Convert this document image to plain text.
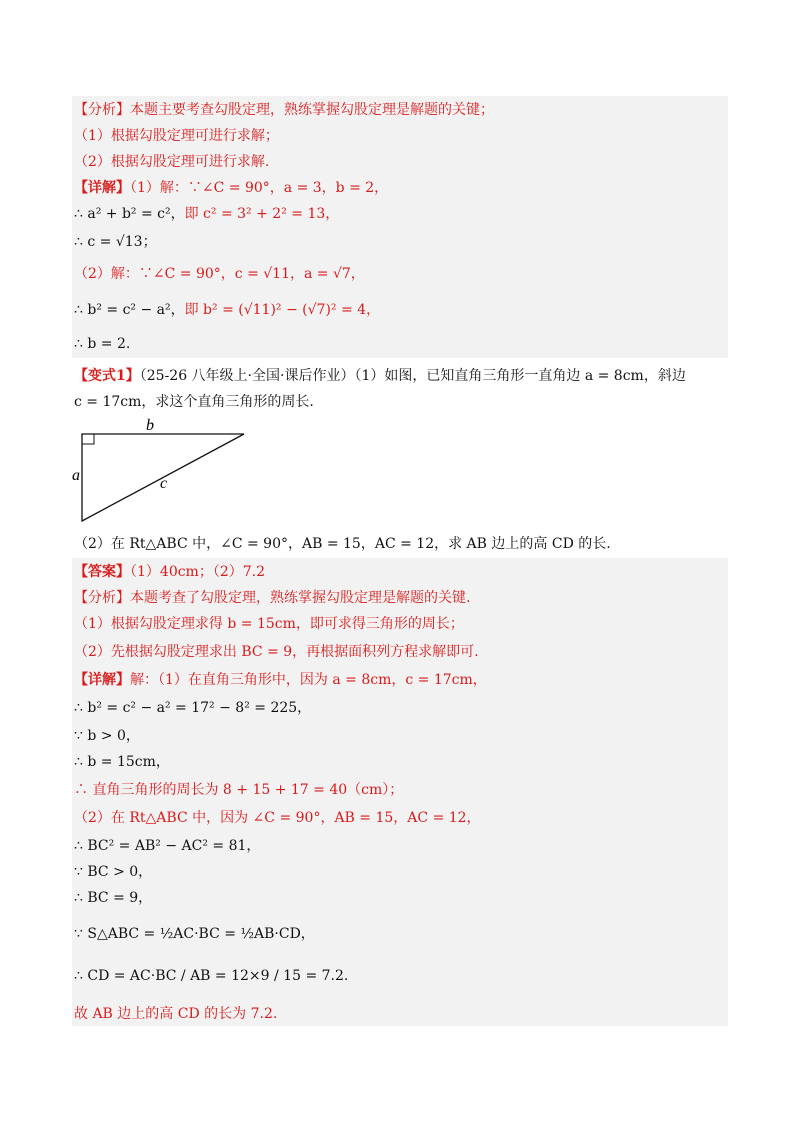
【分析】本题主要考查勾股定理，熟练掌握勾股定理是解题的关键；
（1）根据勾股定理可进行求解；
（2）根据勾股定理可进行求解.
【详解】（1）解：∵∠C = 90°，a = 3，b = 2，
∴ a² + b² = c²，即 c² = 3² + 2² = 13，
∴ c = √13；
（2）解：∵∠C = 90°，c = √11，a = √7，
∴ b² = c² − a²，即 b² = (√11)² − (√7)² = 4，
∴ b = 2.
【变式1】（25-26 八年级上·全国·课后作业）（1）如图，已知直角三角形一直角边 a = 8cm，斜边
c = 17cm，求这个直角三角形的周长.
b
a	c
（2）在 Rt△ABC 中，∠C = 90°，AB = 15，AC = 12，求 AB 边上的高 CD 的长.
【答案】（1）40cm；（2）7.2
【分析】本题考查了勾股定理，熟练掌握勾股定理是解题的关键.
（1）根据勾股定理求得 b = 15cm，即可求得三角形的周长；
（2）先根据勾股定理求出 BC = 9，再根据面积列方程求解即可.
【详解】解：（1）在直角三角形中，因为 a = 8cm，c = 17cm，
∴ b² = c² − a² = 17² − 8² = 225，
∵ b > 0，
∴ b = 15cm，
∴ 直角三角形的周长为 8 + 15 + 17 = 40（cm）；
（2）在 Rt△ABC 中，因为 ∠C = 90°，AB = 15，AC = 12，
∴ BC² = AB² − AC² = 81，
∵ BC > 0，
∴ BC = 9，
∵ S△ABC = ½AC·BC = ½AB·CD，
∴ CD = AC·BC / AB = 12×9 / 15 = 7.2.
故 AB 边上的高 CD 的长为 7.2.
